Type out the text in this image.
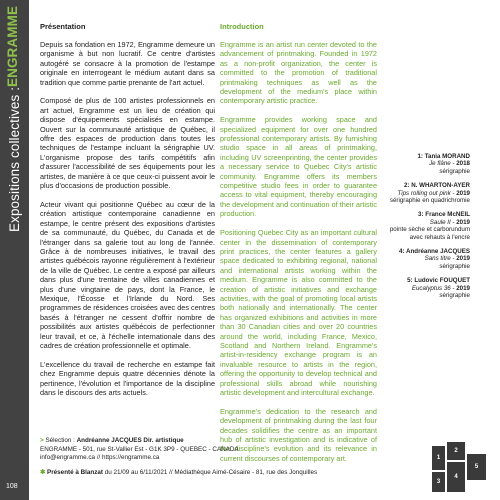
Expositions collectives :
ENGRAMME
108
Présentation

Depuis sa fondation en 1972, Engramme demeure un organisme à but non lucratif. Ce centre d'artistes autogéré se consacre à la promotion de l'estampe originale en interrogeant le médium autant dans sa tradition que comme partie prenante de l'art actuel.

Composé de plus de 100 artistes professionnels en art actuel, Engramme est un lieu de création qui dispose d'équipements spécialisés en estampe. Ouvert sur la communauté artistique de Québec, il offre des espaces de production dans toutes les techniques de l'estampe incluant la sérigraphie UV. L'organisme propose des tarifs compétitifs afin d'assurer l'accessibilité de ses équipements pour les artistes, de manière à ce que ceux-ci puissent avoir le plus d'occasions de production possible.

Acteur vivant qui positionne Québec au cœur de la création artistique contemporaine canadienne en estampe, le centre présent des expositions d'artistes de sa communauté, du Québec, du Canada et de l'étranger dans sa galerie tout au long de l'année. Grâce à de nombreuses initiatives, le travail des artistes québécois rayonne régulièrement à l'extérieur de la ville de Québec. Le centre a exposé par ailleurs dans plus d'une trentaine de villes canadiennes et plus d'une vingtaine de pays, dont la France, le Mexique, l'Écosse et l'Irlande du Nord. Ses programmes de résidences croisées avec des centres basés à l'étranger ne cessent d'offrir nombre de possibilités aux artistes québécois de perfectionner leur travail, et ce, à l'échelle internationale dans des cadres de création professionnelle et optimale.

L'excellence du travail de recherche en estampe fait chez Engramme depuis quatre décennies dénote la pertinence, l'évolution et l'importance de la discipline dans le discours des arts actuels.

Introduction

Engramme is an artist run center devoted to the advancement of printmaking. Founded in 1972 as a non-profit organization, the center is committed to the promotion of traditional printmaking techniques as well as the development of the medium's place within contemporary artistic practice.

Engramme provides working space and specialized equipment for over one hundred professional contemporary artists. By furnishing studio space in all areas of printmaking, including UV screenprinting, the center provides a necessary service to Quebec City's artistic community. Engramme offers its members competitive studio fees in order to guarantee access to vital equipment, thereby encouraging the development and continuation of their artistic production.

Positioning Quebec City as an important cultural center in the dissemination of contemporary print practices, the center features a gallery space dedicated to exhibiting regional, national and international artists working within the medium. Engramme is also committed to the creation of artistic initiatives and exchange activities, with the goal of promoting local artists both nationally and internationally. The center has organized exhibitions and activities in more than 30 Canadian cities and over 20 countries around the world, including France, Mexico, Scotland and Northern Ireland. Engramme's artist-in-residency exchange program is an invaluable resource to artists in the region, offering the opportunity to develop technical and professional skills abroad while nourishing artistic development and intercultural exchange.

Engramme's dedication to the research and development of printmaking during the last four decades solidifies the centre as an important hub of artistic investigation and is indicative of the discipline's evolution and its relevance in current discourses of contemporary art.

1: Tania MORAND
Je flâne - 2018
sérigraphie
2: N. WHARTON-AYER
Tips rolling out pink - 2019
sérigraphie en quadrichromie
3: France McNEIL
Saule II - 2019
pointe sèche et carborundum avec rehauts à l'encre
4: Andréanne JACQUES
Sans titre - 2019
sérigraphie
5: Ludovic FOUQUET
Eucalyptus 36 - 2019
sérigraphie
> Sélection : Andréanne JACQUES Dir. artistique
ENGRAMME - 501, rue St-Vallier Est - G1K 3P9 - QUEBEC - CANADA
info@engramme.ca // https://engramme.ca
✱ Présenté à Blanzat du 21/09 au 6/11/2021 // Médiathèque Aimé-Césaire - 81, rue des Jonquilles
1
2
3
4
5
